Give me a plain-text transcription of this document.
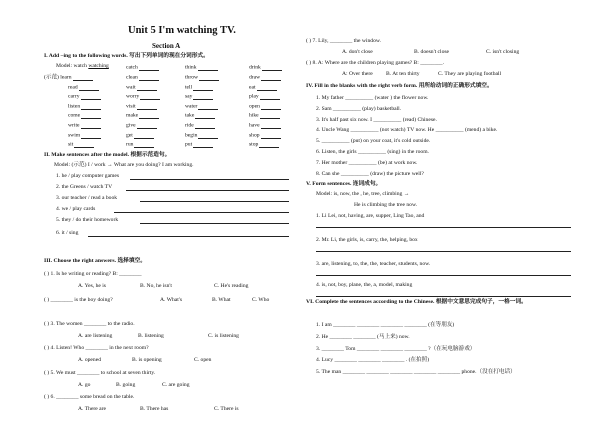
Unit 5 I'm watching TV.
Section A
I. Add –ing to the following words. 写出下列单词的现在分词形式。
Model: watch watching	catch	think	drink
(示范) learn	clean	throw	draw
read	wait	tell	eat
carry	worry	say	play
listen	visit	water	open
come	make	take	hike
write	give	ride	have
swim	get	begin	shop
sit	run	put	stop
II. Make sentences after the model. 根据示范造句。
Model: (示范) I / work → What are you doing? I am working.
1. he / play computer games
2. the Greens / watch TV
3. our teacher / read a book
4. we / play cards
5. they / do their homework
6. it / sing
III. Choose the right answers. 选择填空。
( ) 1. Is he writing or reading? B: ________
A. Yes, he is	B. No, he isn't	C. He's reading
( ) ________ is the boy doing?	A. What's	B. What	C. Who
( ) 3. The women ________ to the radio.
A. are listening	B. listening	C. is listening
( ) 4. Listen! Who ________ in the next room?
A. opened	B. is opening	C. open
( ) 5. We must ________ to school at seven thirty.
A. go	B. going	C. are going
( ) 6. ________ some bread on the table.
A. There are	B. There has	C. There is
( ) 7. Lily, ________ the window.
A. don't close	B. doesn't close	C. isn't closing
( ) 8. A: Where are the children playing games? B: ________.
A: Over there B. At ten thirty	C. They are playing football
IV. Fill in the blanks with the right verb form. 用所给动词的正确形式填空。
1. My father __________ (water ) the flower now.
2. Sam __________ (play) basketball.
3. It's half past six now. I __________ (read) Chinese.
4. Uncle Wang __________ (not watch) TV now. He __________ (mend) a bike.
5. __________ (put) on your coat, it's cold outside.
6. Listen, the girls __________ (sing) in the room.
7. Her mother __________ (be) at work now.
8. Can she __________ (draw) the picture well?
V. Form sentences. 连词成句。
Model: is, now, the , he, tree, climbing →
He is climbing the tree now.
1. Li Lei, not, having, are, supper, Ling Tao, and
2. Mr. Li, the girls, is, carry, the, helping, box
3. are, listening, to, the, the, teacher, students, now.
4. is, not, boy, plane, the, a, model, making
VI. Complete the sentences according to the Chinese. 根据中文意思完成句子，一格一词。
1. I am ________ ________ ________ ________ (在等朋友)
2. He ________ ________ (马上来) now.
3. ________ Tom ________ ________ ________ ?（在玩电脑游戏）
4. Lucy ________ ________ ________ . (在拍照)
5. The man ________ ________ ________ ________ ________ phone.（没在打电话）
